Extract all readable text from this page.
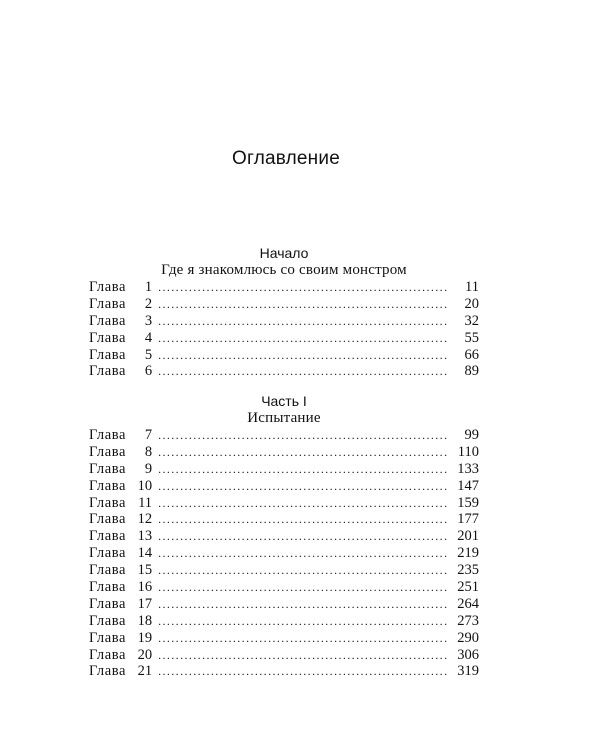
Оглавление
Начало
Где я знакомлюсь со своим монстром
Глава	1 . . .	11
Глава	2 . . .	20
Глава	3 . . .	32
Глава	4 . . .	55
Глава	5 . . .	66
Глава	6 . . .	89
Часть I
Испытание
Глава	7 . . .	99
Глава	8 . . .	110
Глава	9 . . .	133
Глава 10 . . .	147
Глава 11 . . .	159
Глава 12 . . .	177
Глава 13 . . .	201
Глава 14 . . .	219
Глава 15 . . .	235
Глава 16 . . .	251
Глава 17 . . .	264
Глава 18 . . .	273
Глава 19 . . .	290
Глава 20 . . .	306
Глава 21 . . .	319
